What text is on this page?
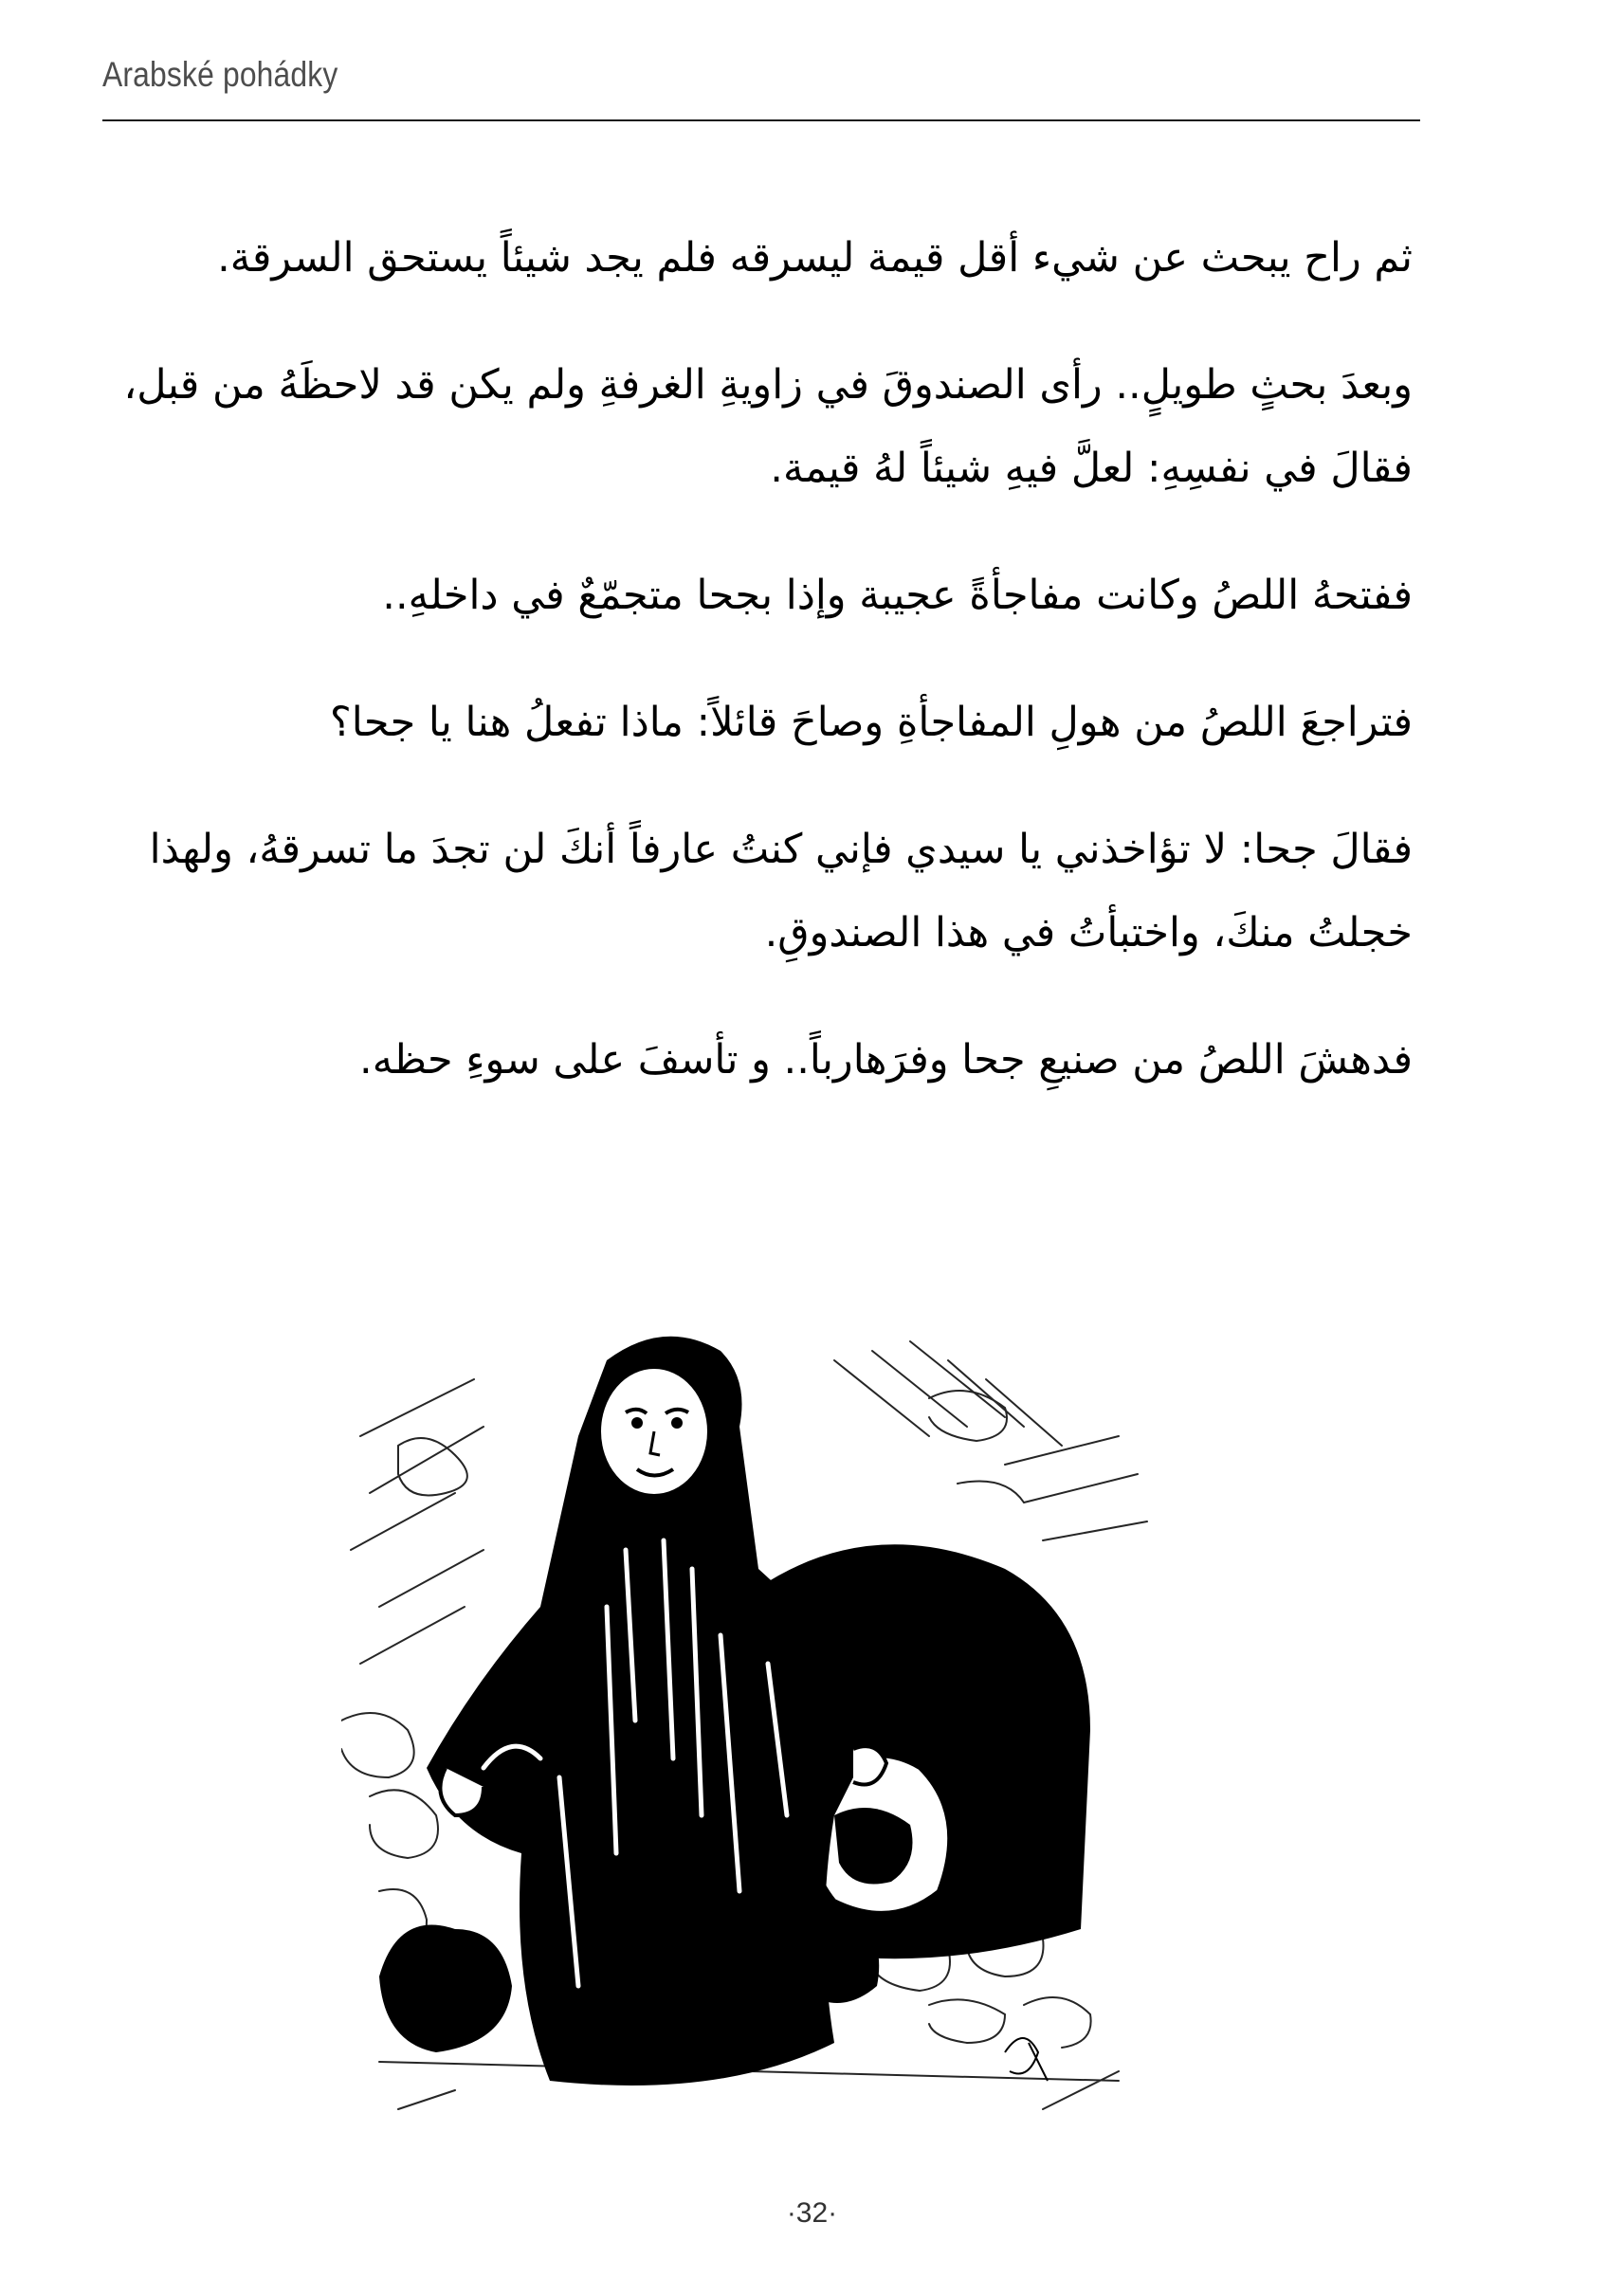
Arabské pohádky

ثم راح يبحث عن شيء أقل قيمة ليسرقه فلم يجد شيئاً يستحق السرقة.

وبعدَ بحثٍ طويلٍ.. رأى الصندوقَ في زاويةِ الغرفةِ ولم يكن قد لاحظَهُ من قبل، فقالَ في نفسِهِ: لعلَّ فيهِ شيئاً لهُ قيمة.

ففتحهُ اللصُ وكانت مفاجأةً عجيبة وإذا بجحا متجمّعٌ في داخلهِ..

فتراجعَ اللصُ من هولِ المفاجأةِ وصاحَ قائلاً: ماذا تفعلُ هنا يا جحا؟

فقالَ جحا: لا تؤاخذني يا سيدي فإني كنتُ عارفاً أنكَ لن تجدَ ما تسرقهُ، ولهذا خجلتُ منكَ، واختبأتُ في هذا الصندوقِ.

فدهشَ اللصُ من صنيعِ جحا وفرَهارباً.. و تأسفَ على سوءِ حظه.

·32·
